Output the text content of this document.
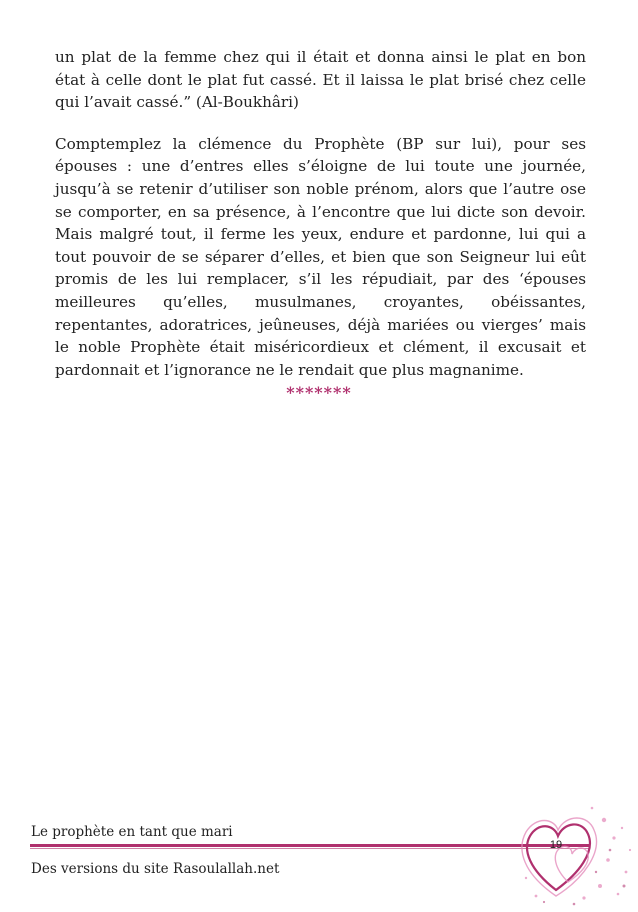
un plat de la femme chez qui il était et donna ainsi le plat en bon état à celle dont le plat fut cassé. Et il laissa le plat brisé chez celle qui l’avait cassé.” (Al-Boukhâri)

Comptemplez la clémence du Prophète (BP sur lui), pour ses épouses : une d’entres elles s’éloigne de lui toute une journée, jusqu’à se retenir d’utiliser son noble prénom, alors que l’autre ose se comporter, en sa présence, à l’encontre que lui dicte son devoir. Mais malgré tout, il ferme les yeux, endure et pardonne, lui qui a tout pouvoir de se séparer d’elles, et bien que son Seigneur lui eût promis de les lui remplacer, s’il les répudiait, par des ‘épouses meilleures qu’elles, musulmanes, croyantes, obéissantes, repentantes, adoratrices, jeûneuses, déjà mariées ou vierges’ mais le noble Prophète était miséricordieux et clément, il excusait et pardonnait et l’ignorance ne le rendait que plus magnanime.

*******
Le prophète en tant que mari
Des versions du site Rasoulallah.net
19
